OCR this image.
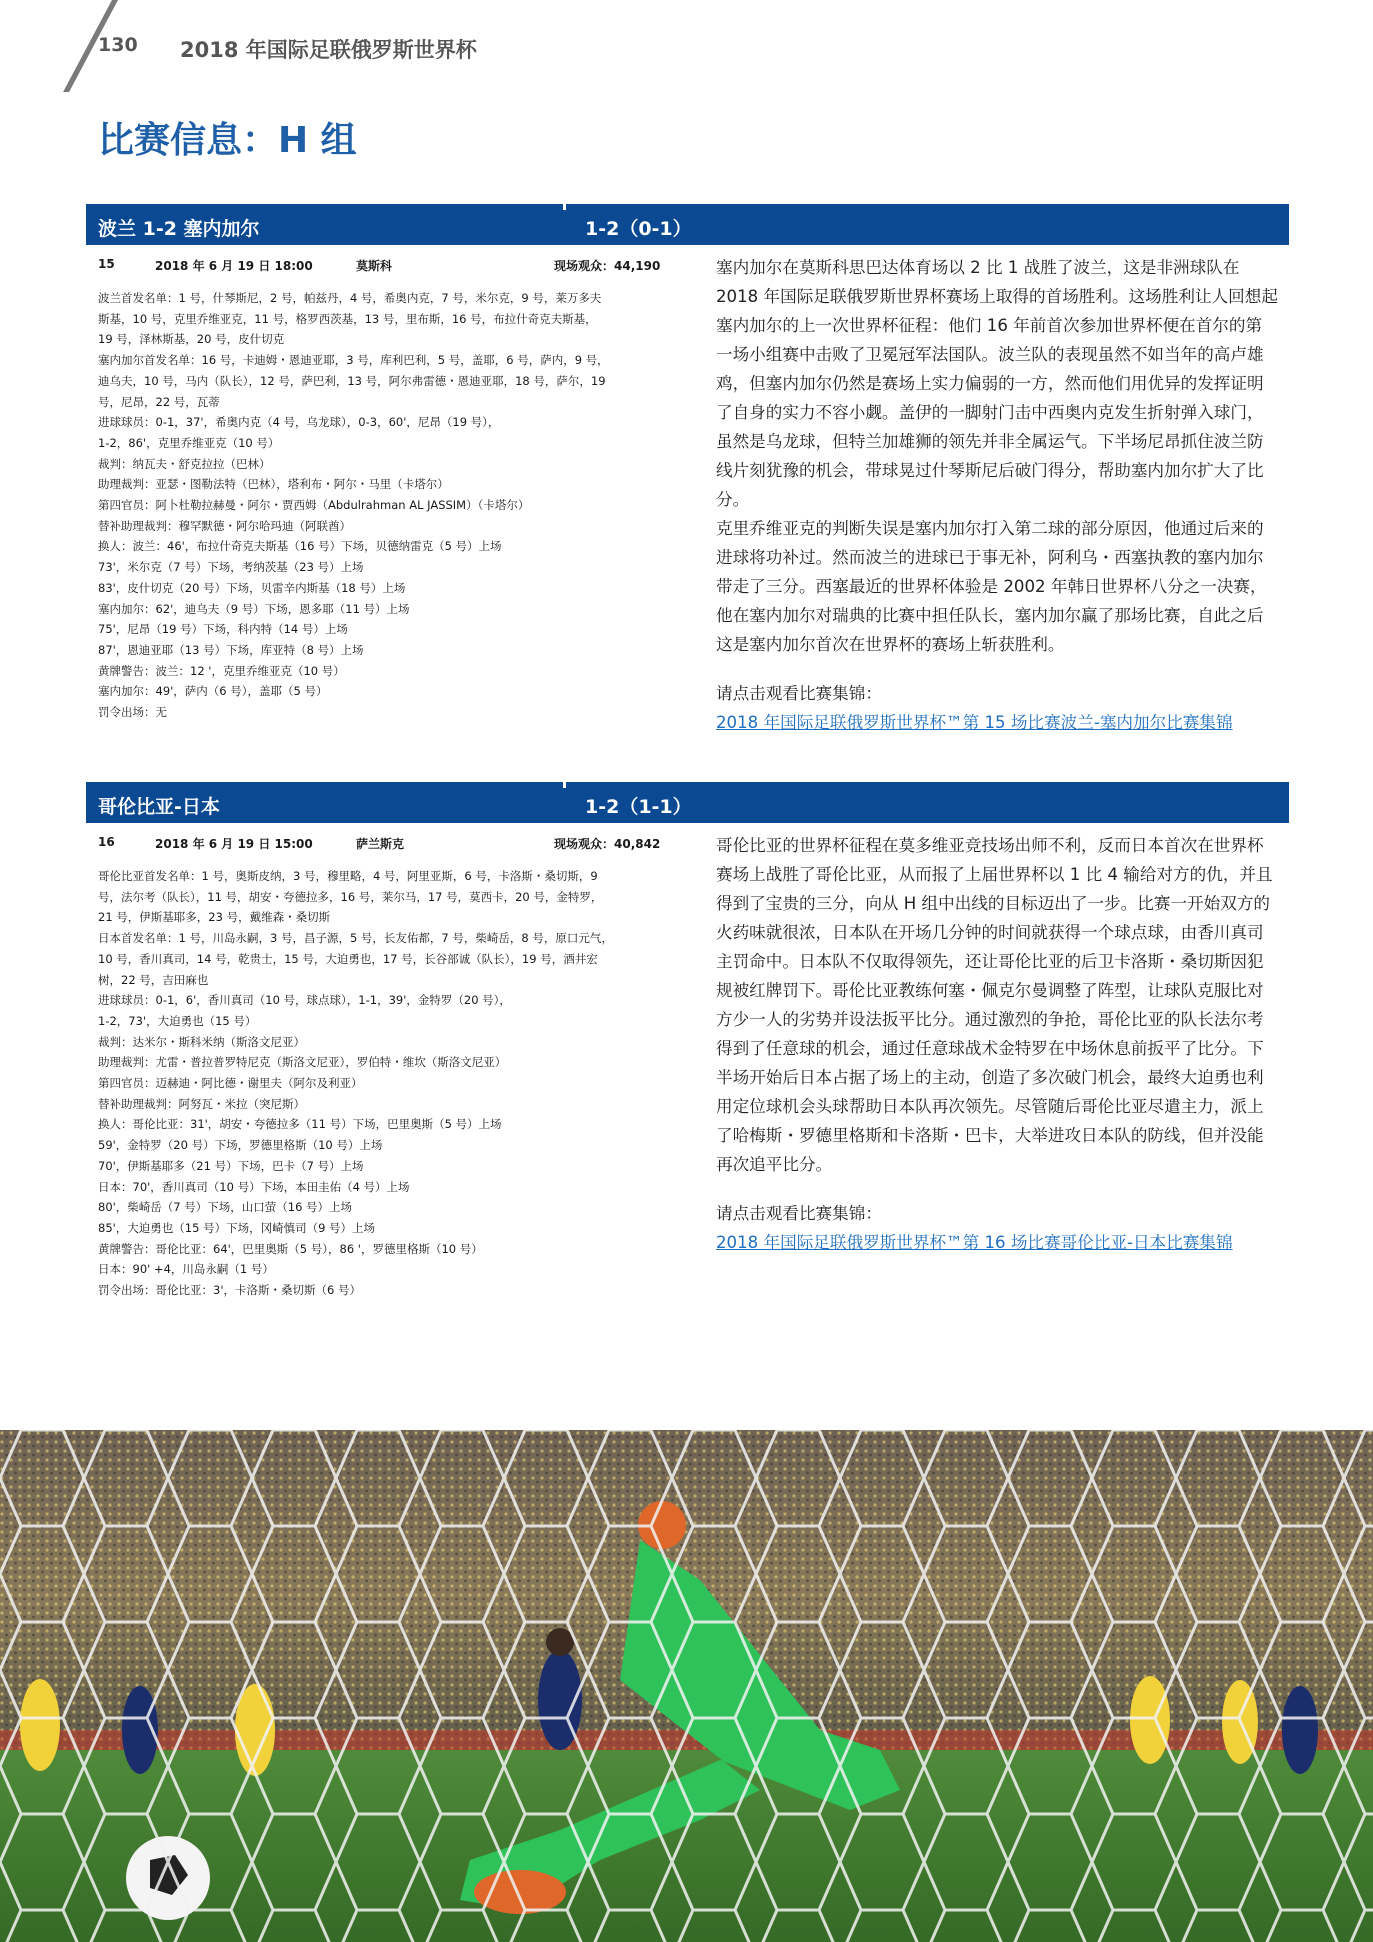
130 2018 年国际足联俄罗斯世界杯
比赛信息：H 组
波兰 1-2 塞内加尔	1-2（0-1）
15	2018 年 6 月 19 日 18:00	莫斯科	现场观众：44,190

波兰首发名单：1 号，什琴斯尼，2 号，帕兹丹，4 号，希奥内克，7 号，米尔克，9 号，莱万多夫

斯基，10 号，克里乔维亚克，11 号，格罗西茨基，13 号，里布斯，16 号，布拉什奇克夫斯基，

19 号，泽林斯基，20 号，皮什切克

塞内加尔首发名单：16 号，卡迪姆・恩迪亚耶，3 号，库利巴利，5 号，盖耶，6 号，萨内，9 号，

迪乌夫，10 号，马内（队长），12 号，萨巴利，13 号，阿尔弗雷德・恩迪亚耶，18 号，萨尔，19

号，尼昂，22 号，瓦蒂

进球球员：0-1，37'，希奥内克（4 号，乌龙球），0-3，60'，尼昂（19 号），

1-2，86'，克里乔维亚克（10 号）

裁判：纳瓦夫・舒克拉拉（巴林）

助理裁判：亚瑟・图勒法特（巴林），塔利布・阿尔・马里（卡塔尔）

第四官员：阿卜杜勒拉赫曼・阿尔・贾西姆（Abdulrahman AL JASSIM）（卡塔尔）

替补助理裁判：穆罕默德・阿尔哈玛迪（阿联酋）

换人：波兰：46'，布拉什奇克夫斯基（16 号）下场，贝德纳雷克（5 号）上场

73'，米尔克（7 号）下场，考纳茨基（23 号）上场

83'，皮什切克（20 号）下场，贝雷辛内斯基（18 号）上场

塞内加尔：62'，迪乌夫（9 号）下场，恩多耶（11 号）上场

75'，尼昂（19 号）下场，科内特（14 号）上场

87'，恩迪亚耶（13 号）下场，库亚特（8 号）上场

黄牌警告：波兰：12 '，克里乔维亚克（10 号）

塞内加尔：49'，萨内（6 号），盖耶（5 号）

罚令出场：无

塞内加尔在莫斯科思巴达体育场以 2 比 1 战胜了波兰，这是非洲球队在 2018 年国际足联俄罗斯世界杯赛场上取得的首场胜利。这场胜利让人回想起塞内加尔的上一次世界杯征程：他们 16 年前首次参加世界杯便在首尔的第一场小组赛中击败了卫冕冠军法国队。波兰队的表现虽然不如当年的高卢雄鸡，但塞内加尔仍然是赛场上实力偏弱的一方，然而他们用优异的发挥证明了自身的实力不容小觑。盖伊的一脚射门击中西奥内克发生折射弹入球门，虽然是乌龙球，但特兰加雄狮的领先并非全属运气。下半场尼昂抓住波兰防线片刻犹豫的机会，带球晃过什琴斯尼后破门得分，帮助塞内加尔扩大了比分。

克里乔维亚克的判断失误是塞内加尔打入第二球的部分原因，他通过后来的进球将功补过。然而波兰的进球已于事无补，阿利乌・西塞执教的塞内加尔带走了三分。西塞最近的世界杯体验是 2002 年韩日世界杯八分之一决赛，他在塞内加尔对瑞典的比赛中担任队长，塞内加尔赢了那场比赛，自此之后这是塞内加尔首次在世界杯的赛场上斩获胜利。

请点击观看比赛集锦：

2018 年国际足联俄罗斯世界杯™第 15 场比赛波兰-塞内加尔比赛集锦

哥伦比亚-日本	1-2（1-1）
16	2018 年 6 月 19 日 15:00	萨兰斯克	现场观众：40,842

哥伦比亚首发名单：1 号，奥斯皮纳，3 号，穆里略，4 号，阿里亚斯，6 号，卡洛斯・桑切斯，9

号，法尔考（队长），11 号，胡安・夸德拉多，16 号，莱尔马，17 号，莫西卡，20 号，金特罗，

21 号，伊斯基耶多，23 号，戴维森・桑切斯

日本首发名单：1 号，川岛永嗣，3 号，昌子源，5 号，长友佑都，7 号，柴崎岳，8 号，原口元气，

10 号，香川真司，14 号，乾贵士，15 号，大迫勇也，17 号，长谷部诚（队长），19 号，酒井宏

树，22 号，吉田麻也

进球球员：0-1，6'，香川真司（10 号，球点球），1-1，39'，金特罗（20 号），

1-2，73'，大迫勇也（15 号）

裁判：达米尔・斯科米纳（斯洛文尼亚）

助理裁判：尤雷・普拉普罗特尼克（斯洛文尼亚），罗伯特・维坎（斯洛文尼亚）

第四官员：迈赫迪・阿比德・谢里夫（阿尔及利亚）

替补助理裁判：阿努瓦・米拉（突尼斯）

换人：哥伦比亚：31'，胡安・夸德拉多（11 号）下场，巴里奥斯（5 号）上场

59'，金特罗（20 号）下场，罗德里格斯（10 号）上场

70'，伊斯基耶多（21 号）下场，巴卡（7 号）上场

日本：70'，香川真司（10 号）下场，本田圭佑（4 号）上场

80'，柴崎岳（7 号）下场，山口萤（16 号）上场

85'，大迫勇也（15 号）下场，冈崎慎司（9 号）上场

黄牌警告：哥伦比亚：64'，巴里奥斯（5 号），86 '，罗德里格斯（10 号）

日本：90' +4，川岛永嗣（1 号）

罚令出场：哥伦比亚：3'，卡洛斯・桑切斯（6 号）

哥伦比亚的世界杯征程在莫多维亚竞技场出师不利，反而日本首次在世界杯赛场上战胜了哥伦比亚，从而报了上届世界杯以 1 比 4 输给对方的仇，并且得到了宝贵的三分，向从 H 组中出线的目标迈出了一步。比赛一开始双方的火药味就很浓，日本队在开场几分钟的时间就获得一个球点球，由香川真司主罚命中。日本队不仅取得领先，还让哥伦比亚的后卫卡洛斯・桑切斯因犯规被红牌罚下。哥伦比亚教练何塞・佩克尔曼调整了阵型，让球队克服比对方少一人的劣势并设法扳平比分。通过激烈的争抢，哥伦比亚的队长法尔考得到了任意球的机会，通过任意球战术金特罗在中场休息前扳平了比分。下半场开始后日本占据了场上的主动，创造了多次破门机会，最终大迫勇也利用定位球机会头球帮助日本队再次领先。尽管随后哥伦比亚尽遣主力，派上了哈梅斯・罗德里格斯和卡洛斯・巴卡，大举进攻日本队的防线，但并没能再次追平比分。

请点击观看比赛集锦：

2018 年国际足联俄罗斯世界杯™第 16 场比赛哥伦比亚-日本比赛集锦
